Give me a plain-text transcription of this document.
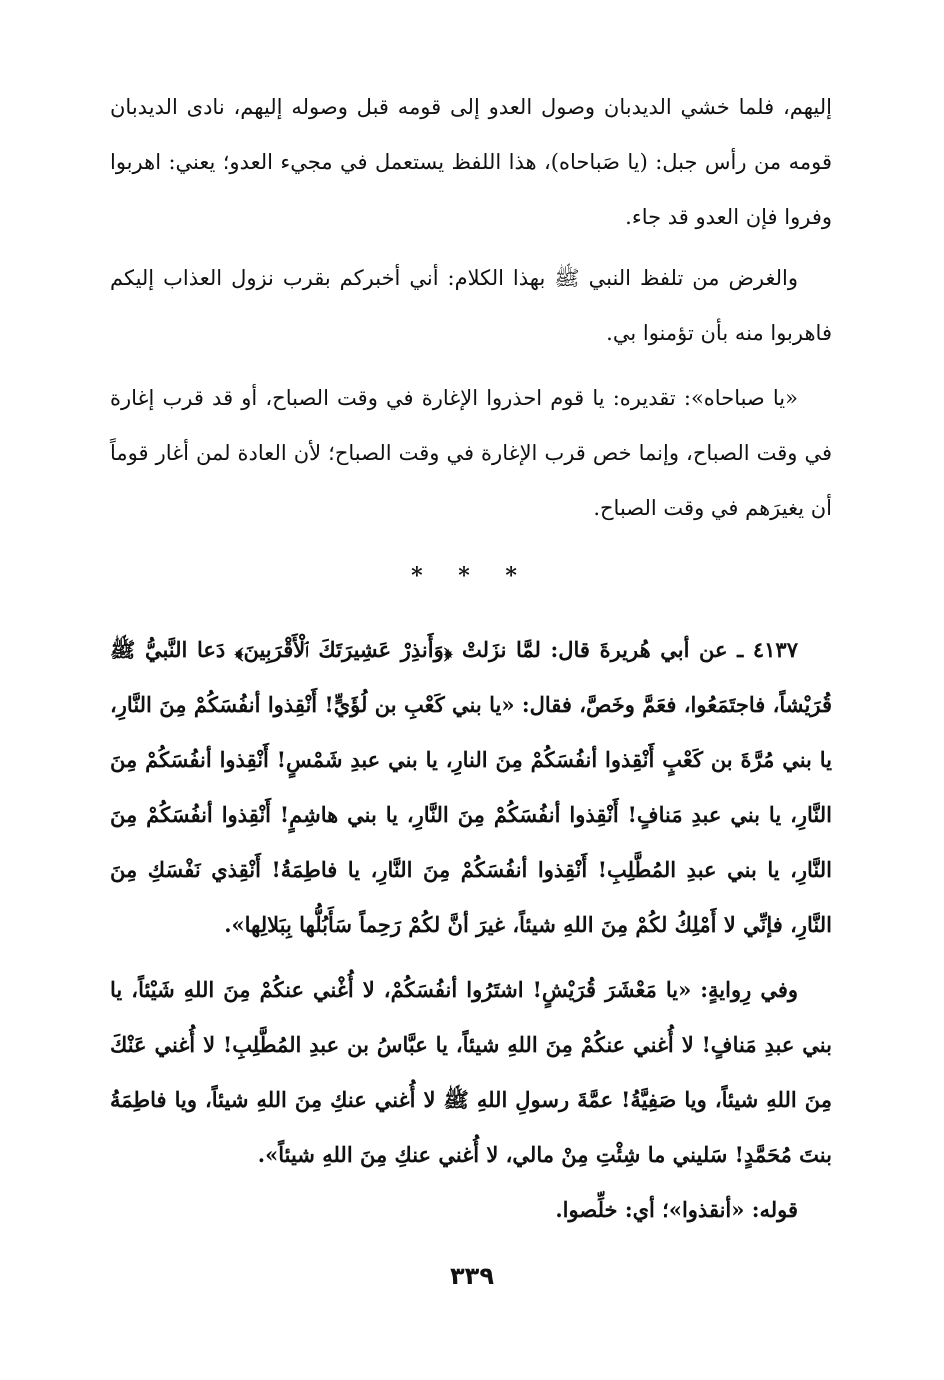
إليهم، فلما خشي الديدبان وصول العدو إلى قومه قبل وصوله إليهم، نادى الديدبان قومه من رأس جبل: (يا صَباحاه)، هذا اللفظ يستعمل في مجيء العدو؛ يعني: اهربوا وفروا فإن العدو قد جاء.

والغرض من تلفظ النبي ﷺ بهذا الكلام: أني أخبركم بقرب نزول العذاب إليكم فاهربوا منه بأن تؤمنوا بي.

«يا صباحاه»: تقديره: يا قوم احذروا الإغارة في وقت الصباح، أو قد قرب إغارة في وقت الصباح، وإنما خص قرب الإغارة في وقت الصباح؛ لأن العادة لمن أغار قوماً أن يغيرَهم في وقت الصباح.

* * *

٤١٣٧ ـ عن أبي هُريرةَ قال: لمَّا نزَلتْ ﴿وَأَنذِرْ عَشِيرَتَكَ ٱلْأَقْرَبِينَ﴾ دَعا النَّبيُّ ﷺ قُرَيْشاً، فاجتَمَعُوا، فعَمَّ وخَصَّ، فقال: «يا بني كَعْبِ بن لُؤَيٍّ! أَنْقِذوا أنفُسَكُمْ مِنَ النَّارِ، يا بني مُرَّةَ بن كَعْبٍ أَنْقِذوا أنفُسَكُمْ مِنَ النارِ، يا بني عبدِ شَمْسٍ! أَنْقِذوا أنفُسَكُمْ مِنَ النَّارِ، يا بني عبدِ مَنافٍ! أَنْقِذوا أنفُسَكُمْ مِنَ النَّارِ، يا بني هاشِمٍ! أَنْقِذوا أنفُسَكُمْ مِنَ النَّارِ، يا بني عبدِ المُطَّلِبِ! أَنْقِذوا أنفُسَكُمْ مِنَ النَّارِ، يا فاطِمَةُ! أَنْقِذي نَفْسَكِ مِنَ النَّارِ، فإنِّي لا أَمْلِكُ لكُمْ مِنَ اللهِ شيئاً، غيرَ أنَّ لكُمْ رَحِماً سَأَبُلُّها بِبَلالِها».

وفي رِوايةٍ: «يا مَعْشَرَ قُرَيْشٍ! اشتَرُوا أنفُسَكُمْ، لا أُغْني عنكُمْ مِنَ اللهِ شَيْئاً، يا بني عبدِ مَنافٍ! لا أُغني عنكُمْ مِنَ اللهِ شيئاً، يا عبَّاسُ بن عبدِ المُطَّلِبِ! لا أُغني عَنْكَ مِنَ اللهِ شيئاً، ويا صَفِيَّةُ! عمَّةَ رسولِ اللهِ ﷺ لا أُغني عنكِ مِنَ اللهِ شيئاً، ويا فاطِمَةُ بنتَ مُحَمَّدٍ! سَليني ما شِئْتِ مِنْ مالي، لا أُغني عنكِ مِنَ اللهِ شيئاً».

قوله: «أنقذوا»؛ أي: خلِّصوا.

٣٣٩
